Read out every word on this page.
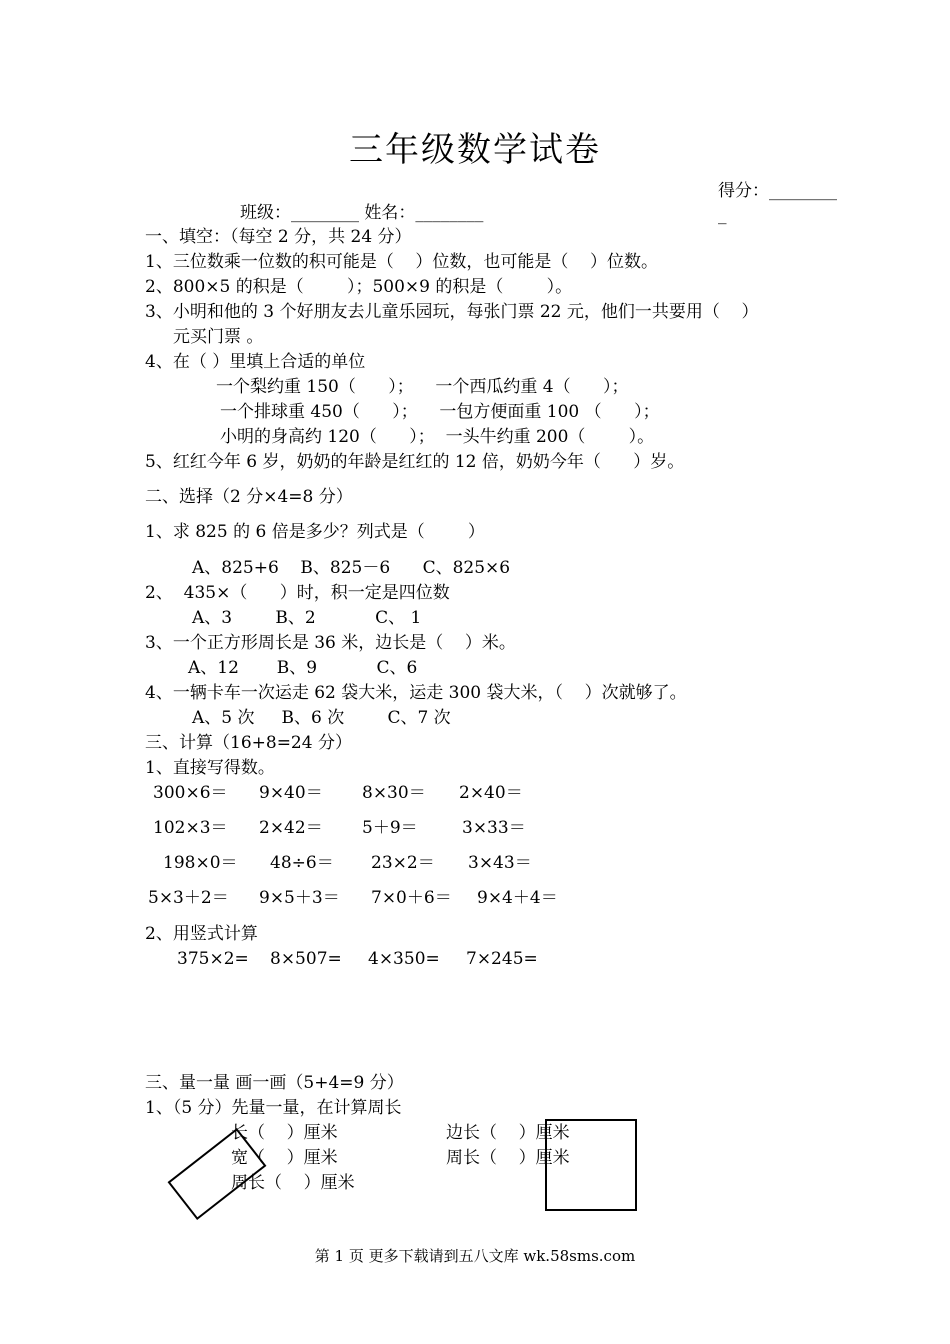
三年级数学试卷
得分：________
_
班级：________ 姓名：________
一、填空：（每空 2 分，共 24 分）
1、三位数乘一位数的积可能是（    ）位数，也可能是（    ）位数。
2、800×5 的积是（        ）；500×9 的积是（        ）。
3、小明和他的 3 个好朋友去儿童乐园玩，每张门票 22 元，他们一共要用（    ）
元买门票 。
4、在（ ）里填上合适的单位
一个梨约重 150（      ）；    一个西瓜约重 4（      ）；
一个排球重 450（      ）；    一包方便面重 100 （      ）；
小明的身高约 120（      ）；  一头牛约重 200（        ）。
5、红红今年 6 岁，奶奶的年龄是红红的 12 倍，奶奶今年（      ）岁。
二、选择（2 分×4=8 分）
1、求 825 的 6 倍是多少？列式是（        ）
A、825+6    B、825－6      C、825×6
2、  435×（      ）时，积一定是四位数
A、3        B、2           C、 1
3、一个正方形周长是 36 米，边长是（    ）米。
A、12       B、9           C、6
4、一辆卡车一次运走 62 袋大米，运走 300 袋大米，（    ）次就够了。
A、5 次     B、6 次        C、7 次
三、计算（16+8=24 分）
1、直接写得数。
300×6＝ 9×40＝ 8×30＝ 2×40＝
102×3＝ 2×42＝ 5＋9＝	3×33＝
198×0＝ 48÷6＝ 23×2＝ 3×43＝
5×3＋2＝ 9×5＋3＝ 7×0＋6＝ 9×4＋4＝
2、用竖式计算
375×2= 8×507= 4×350= 7×245=
三、量一量 画一画（5+4=9 分）
1、（5 分）先量一量，在计算周长
长（    ）厘米
宽（    ）厘米
周长（    ）厘米
边长（    ）厘米
周长（    ）厘米
第 1 页 更多下载请到五八文库 wk.58sms.com
